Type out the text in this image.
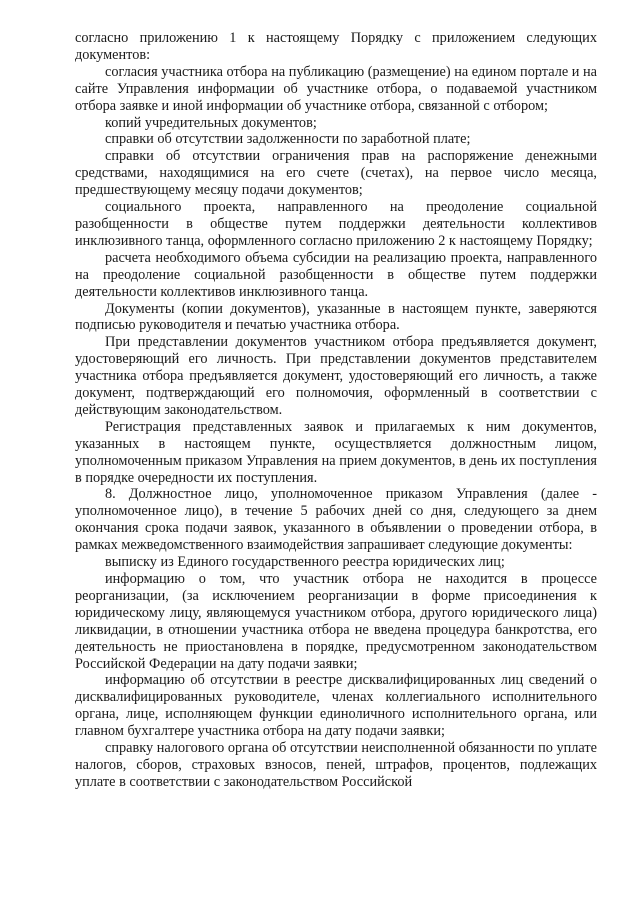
согласно приложению 1 к настоящему Порядку с приложением следующих документов:

согласия участника отбора на публикацию (размещение) на едином портале и на сайте Управления информации об участнике отбора, о подаваемой участником отбора заявке и иной информации об участнике отбора, связанной с отбором;

копий учредительных документов;

справки об отсутствии задолженности по заработной плате;

справки об отсутствии ограничения прав на распоряжение денежными средствами, находящимися на его счете (счетах), на первое число месяца, предшествующему месяцу подачи документов;

социального проекта, направленного на преодоление социальной разобщенности в обществе путем поддержки деятельности коллективов инклюзивного танца, оформленного согласно приложению 2 к настоящему Порядку;

расчета необходимого объема субсидии на реализацию проекта, направленного на преодоление социальной разобщенности в обществе путем поддержки деятельности коллективов инклюзивного танца.

Документы (копии документов), указанные в настоящем пункте, заверяются подписью руководителя и печатью участника отбора.

При представлении документов участником отбора предъявляется документ, удостоверяющий его личность. При представлении документов представителем участника отбора предъявляется документ, удостоверяющий его личность, а также документ, подтверждающий его полномочия, оформленный в соответствии с действующим законодательством.

Регистрация представленных заявок и прилагаемых к ним документов, указанных в настоящем пункте, осуществляется должностным лицом, уполномоченным приказом Управления на прием документов, в день их поступления в порядке очередности их поступления.

8. Должностное лицо, уполномоченное приказом Управления (далее - уполномоченное лицо), в течение 5 рабочих дней со дня, следующего за днем окончания срока подачи заявок, указанного в объявлении о проведении отбора, в рамках межведомственного взаимодействия запрашивает следующие документы:

выписку из Единого государственного реестра юридических лиц;

информацию о том, что участник отбора не находится в процессе реорганизации, (за исключением реорганизации в форме присоединения к юридическому лицу, являющемуся участником отбора, другого юридического лица) ликвидации, в отношении участника отбора не введена процедура банкротства, его деятельность не приостановлена в порядке, предусмотренном законодательством Российской Федерации на дату подачи заявки;

информацию об отсутствии в реестре дисквалифицированных лиц сведений о дисквалифицированных руководителе, членах коллегиального исполнительного органа, лице, исполняющем функции единоличного исполнительного органа, или главном бухгалтере участника отбора на дату подачи заявки;

справку налогового органа об отсутствии неисполненной обязанности по уплате налогов, сборов, страховых взносов, пеней, штрафов, процентов, подлежащих уплате в соответствии с законодательством Российской
